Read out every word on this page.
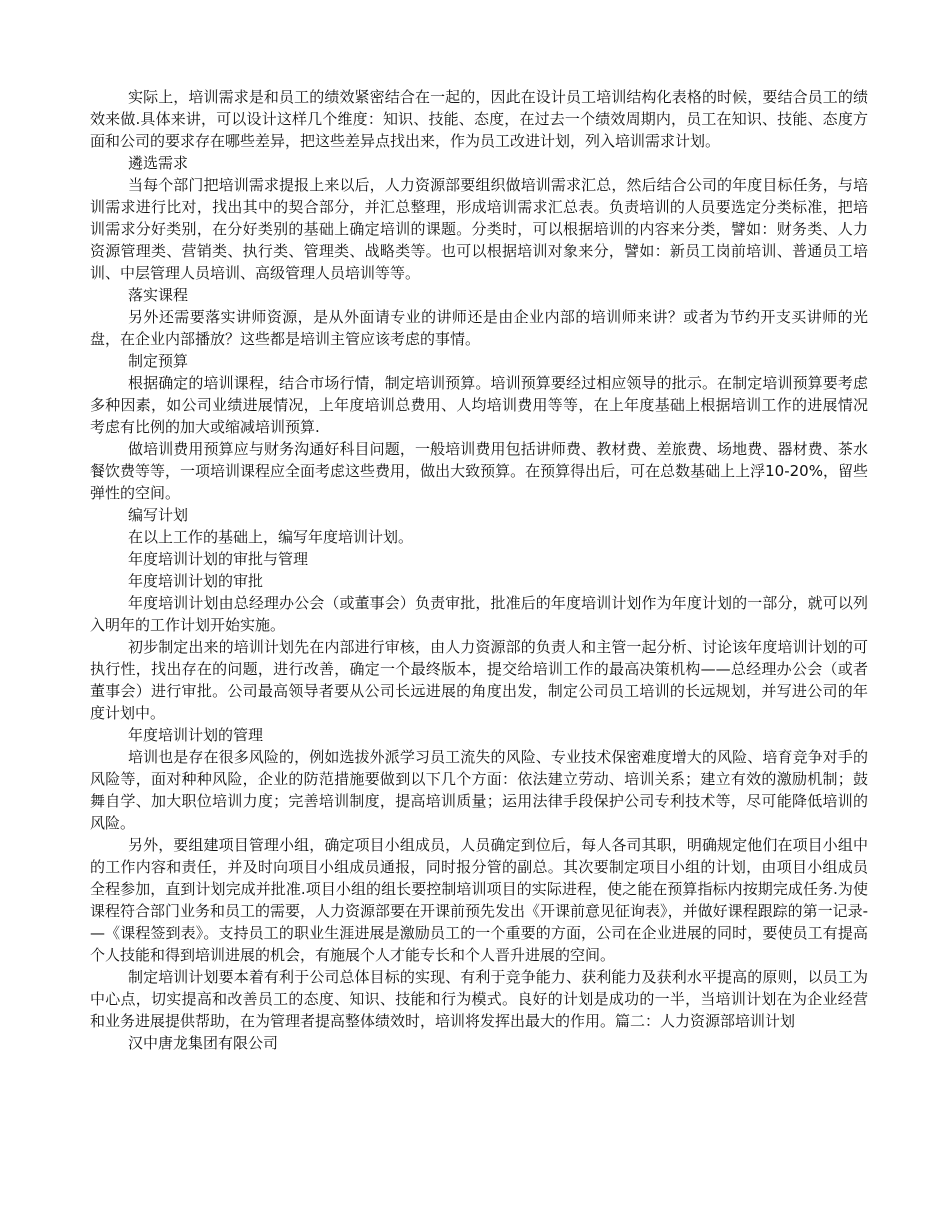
实际上，培训需求是和员工的绩效紧密结合在一起的，因此在设计员工培训结构化表格的时候，要结合员工的绩效来做.具体来讲，可以设计这样几个维度：知识、技能、态度，在过去一个绩效周期内，员工在知识、技能、态度方面和公司的要求存在哪些差异，把这些差异点找出来，作为员工改进计划，列入培训需求计划。

遴选需求

当每个部门把培训需求提报上来以后，人力资源部要组织做培训需求汇总，然后结合公司的年度目标任务，与培训需求进行比对，找出其中的契合部分，并汇总整理，形成培训需求汇总表。负责培训的人员要选定分类标准，把培训需求分好类别，在分好类别的基础上确定培训的课题。分类时，可以根据培训的内容来分类，譬如：财务类、人力资源管理类、营销类、执行类、管理类、战略类等。也可以根据培训对象来分，譬如：新员工岗前培训、普通员工培训、中层管理人员培训、高级管理人员培训等等。

落实课程

另外还需要落实讲师资源，是从外面请专业的讲师还是由企业内部的培训师来讲？或者为节约开支买讲师的光盘，在企业内部播放？这些都是培训主管应该考虑的事情。

制定预算

根据确定的培训课程，结合市场行情，制定培训预算。培训预算要经过相应领导的批示。在制定培训预算要考虑多种因素，如公司业绩进展情况，上年度培训总费用、人均培训费用等等，在上年度基础上根据培训工作的进展情况考虑有比例的加大或缩减培训预算.

做培训费用预算应与财务沟通好科目问题，一般培训费用包括讲师费、教材费、差旅费、场地费、器材费、茶水餐饮费等等，一项培训课程应全面考虑这些费用，做出大致预算。在预算得出后，可在总数基础上上浮10-20%，留些弹性的空间。

编写计划

在以上工作的基础上，编写年度培训计划。

年度培训计划的审批与管理

年度培训计划的审批

年度培训计划由总经理办公会（或董事会）负责审批，批准后的年度培训计划作为年度计划的一部分，就可以列入明年的工作计划开始实施。

初步制定出来的培训计划先在内部进行审核，由人力资源部的负责人和主管一起分析、讨论该年度培训计划的可执行性，找出存在的问题，进行改善，确定一个最终版本，提交给培训工作的最高决策机构——总经理办公会（或者董事会）进行审批。公司最高领导者要从公司长远进展的角度出发，制定公司员工培训的长远规划，并写进公司的年度计划中。

年度培训计划的管理

培训也是存在很多风险的，例如选拔外派学习员工流失的风险、专业技术保密难度增大的风险、培育竞争对手的风险等，面对种种风险，企业的防范措施要做到以下几个方面：依法建立劳动、培训关系；建立有效的激励机制；鼓舞自学、加大职位培训力度；完善培训制度，提高培训质量；运用法律手段保护公司专利技术等，尽可能降低培训的风险。

另外，要组建项目管理小组，确定项目小组成员，人员确定到位后，每人各司其职，明确规定他们在项目小组中的工作内容和责任，并及时向项目小组成员通报，同时报分管的副总。其次要制定项目小组的计划，由项目小组成员全程参加，直到计划完成并批准.项目小组的组长要控制培训项目的实际进程，使之能在预算指标内按期完成任务.为使课程符合部门业务和员工的需要，人力资源部要在开课前预先发出《开课前意见征询表》，并做好课程跟踪的第一记录-—《课程签到表》。支持员工的职业生涯进展是激励员工的一个重要的方面，公司在企业进展的同时，要使员工有提高个人技能和得到培训进展的机会，有施展个人才能专长和个人晋升进展的空间。

制定培训计划要本着有利于公司总体目标的实现、有利于竞争能力、获利能力及获利水平提高的原则，以员工为中心点，切实提高和改善员工的态度、知识、技能和行为模式。良好的计划是成功的一半，当培训计划在为企业经营和业务进展提供帮助，在为管理者提高整体绩效时，培训将发挥出最大的作用。篇二：人力资源部培训计划

汉中唐龙集团有限公司
